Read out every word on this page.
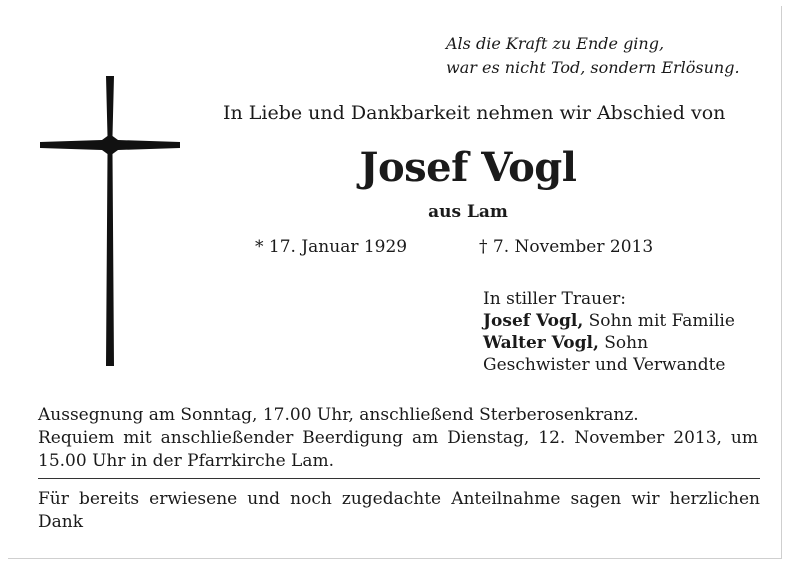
Als die Kraft zu Ende ging,
war es nicht Tod, sondern Erlösung.
In Liebe und Dankbarkeit nehmen wir Abschied von
Josef Vogl
aus Lam
* 17. Januar 1929	† 7. November 2013
In stiller Trauer:
Josef Vogl, Sohn mit Familie
Walter Vogl, Sohn
Geschwister und Verwandte
Aussegnung am Sonntag, 17.00 Uhr, anschließend Sterberosenkranz.
Requiem mit anschließender Beerdigung am Dienstag, 12. November 2013, um 15.00 Uhr in der Pfarrkirche Lam.
Für bereits erwiesene und noch zugedachte Anteilnahme sagen wir herzlichen Dank
